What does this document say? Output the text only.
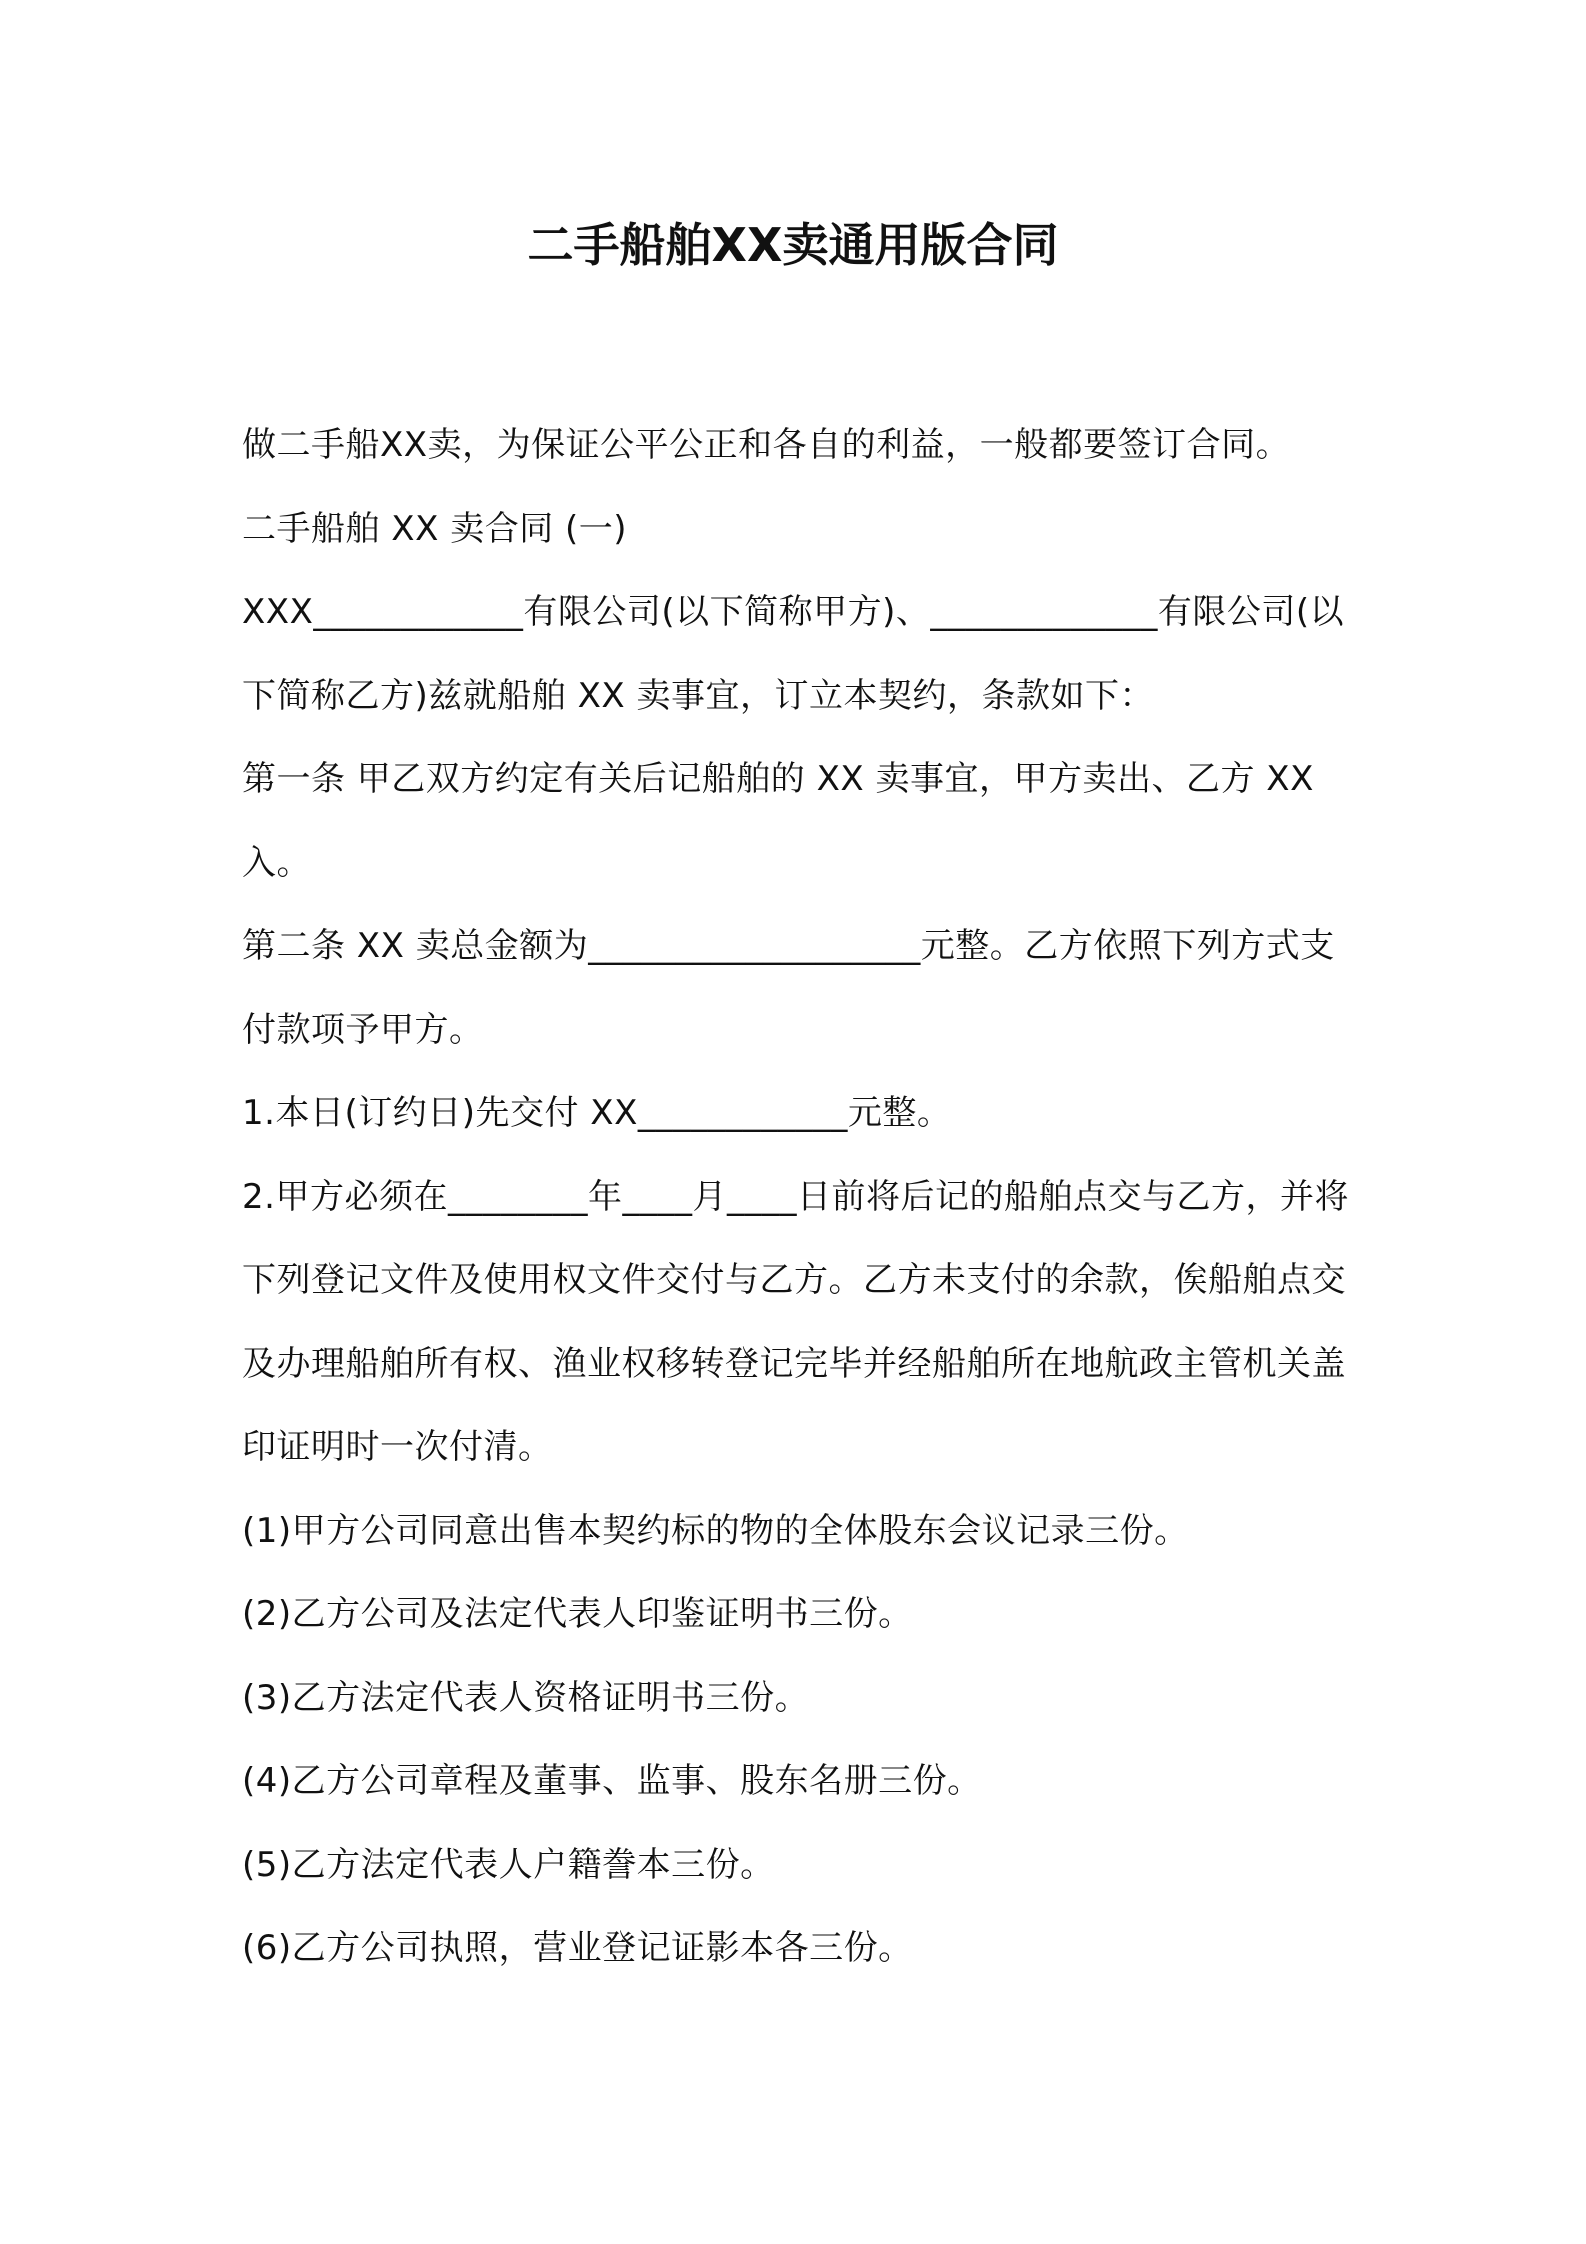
二手船舶XX卖通用版合同

做二手船XX卖，为保证公平公正和各自的利益，一般都要签订合同。

二手船舶 XX 卖合同 (一)

XXX____________有限公司(以下简称甲方)、_____________有限公司(以下简称乙方)兹就船舶 XX 卖事宜，订立本契约，条款如下：

第一条 甲乙双方约定有关后记船舶的 XX 卖事宜，甲方卖出、乙方 XX 入。

第二条 XX 卖总金额为___________________元整。乙方依照下列方式支付款项予甲方。

1.本日(订约日)先交付 XX____________元整。

2.甲方必须在________年____月____日前将后记的船舶点交与乙方，并将下列登记文件及使用权文件交付与乙方。乙方未支付的余款，俟船舶点交及办理船舶所有权、渔业权移转登记完毕并经船舶所在地航政主管机关盖印证明时一次付清。

(1)甲方公司同意出售本契约标的物的全体股东会议记录三份。

(2)乙方公司及法定代表人印鉴证明书三份。

(3)乙方法定代表人资格证明书三份。

(4)乙方公司章程及董事、监事、股东名册三份。

(5)乙方法定代表人户籍誊本三份。

(6)乙方公司执照，营业登记证影本各三份。
